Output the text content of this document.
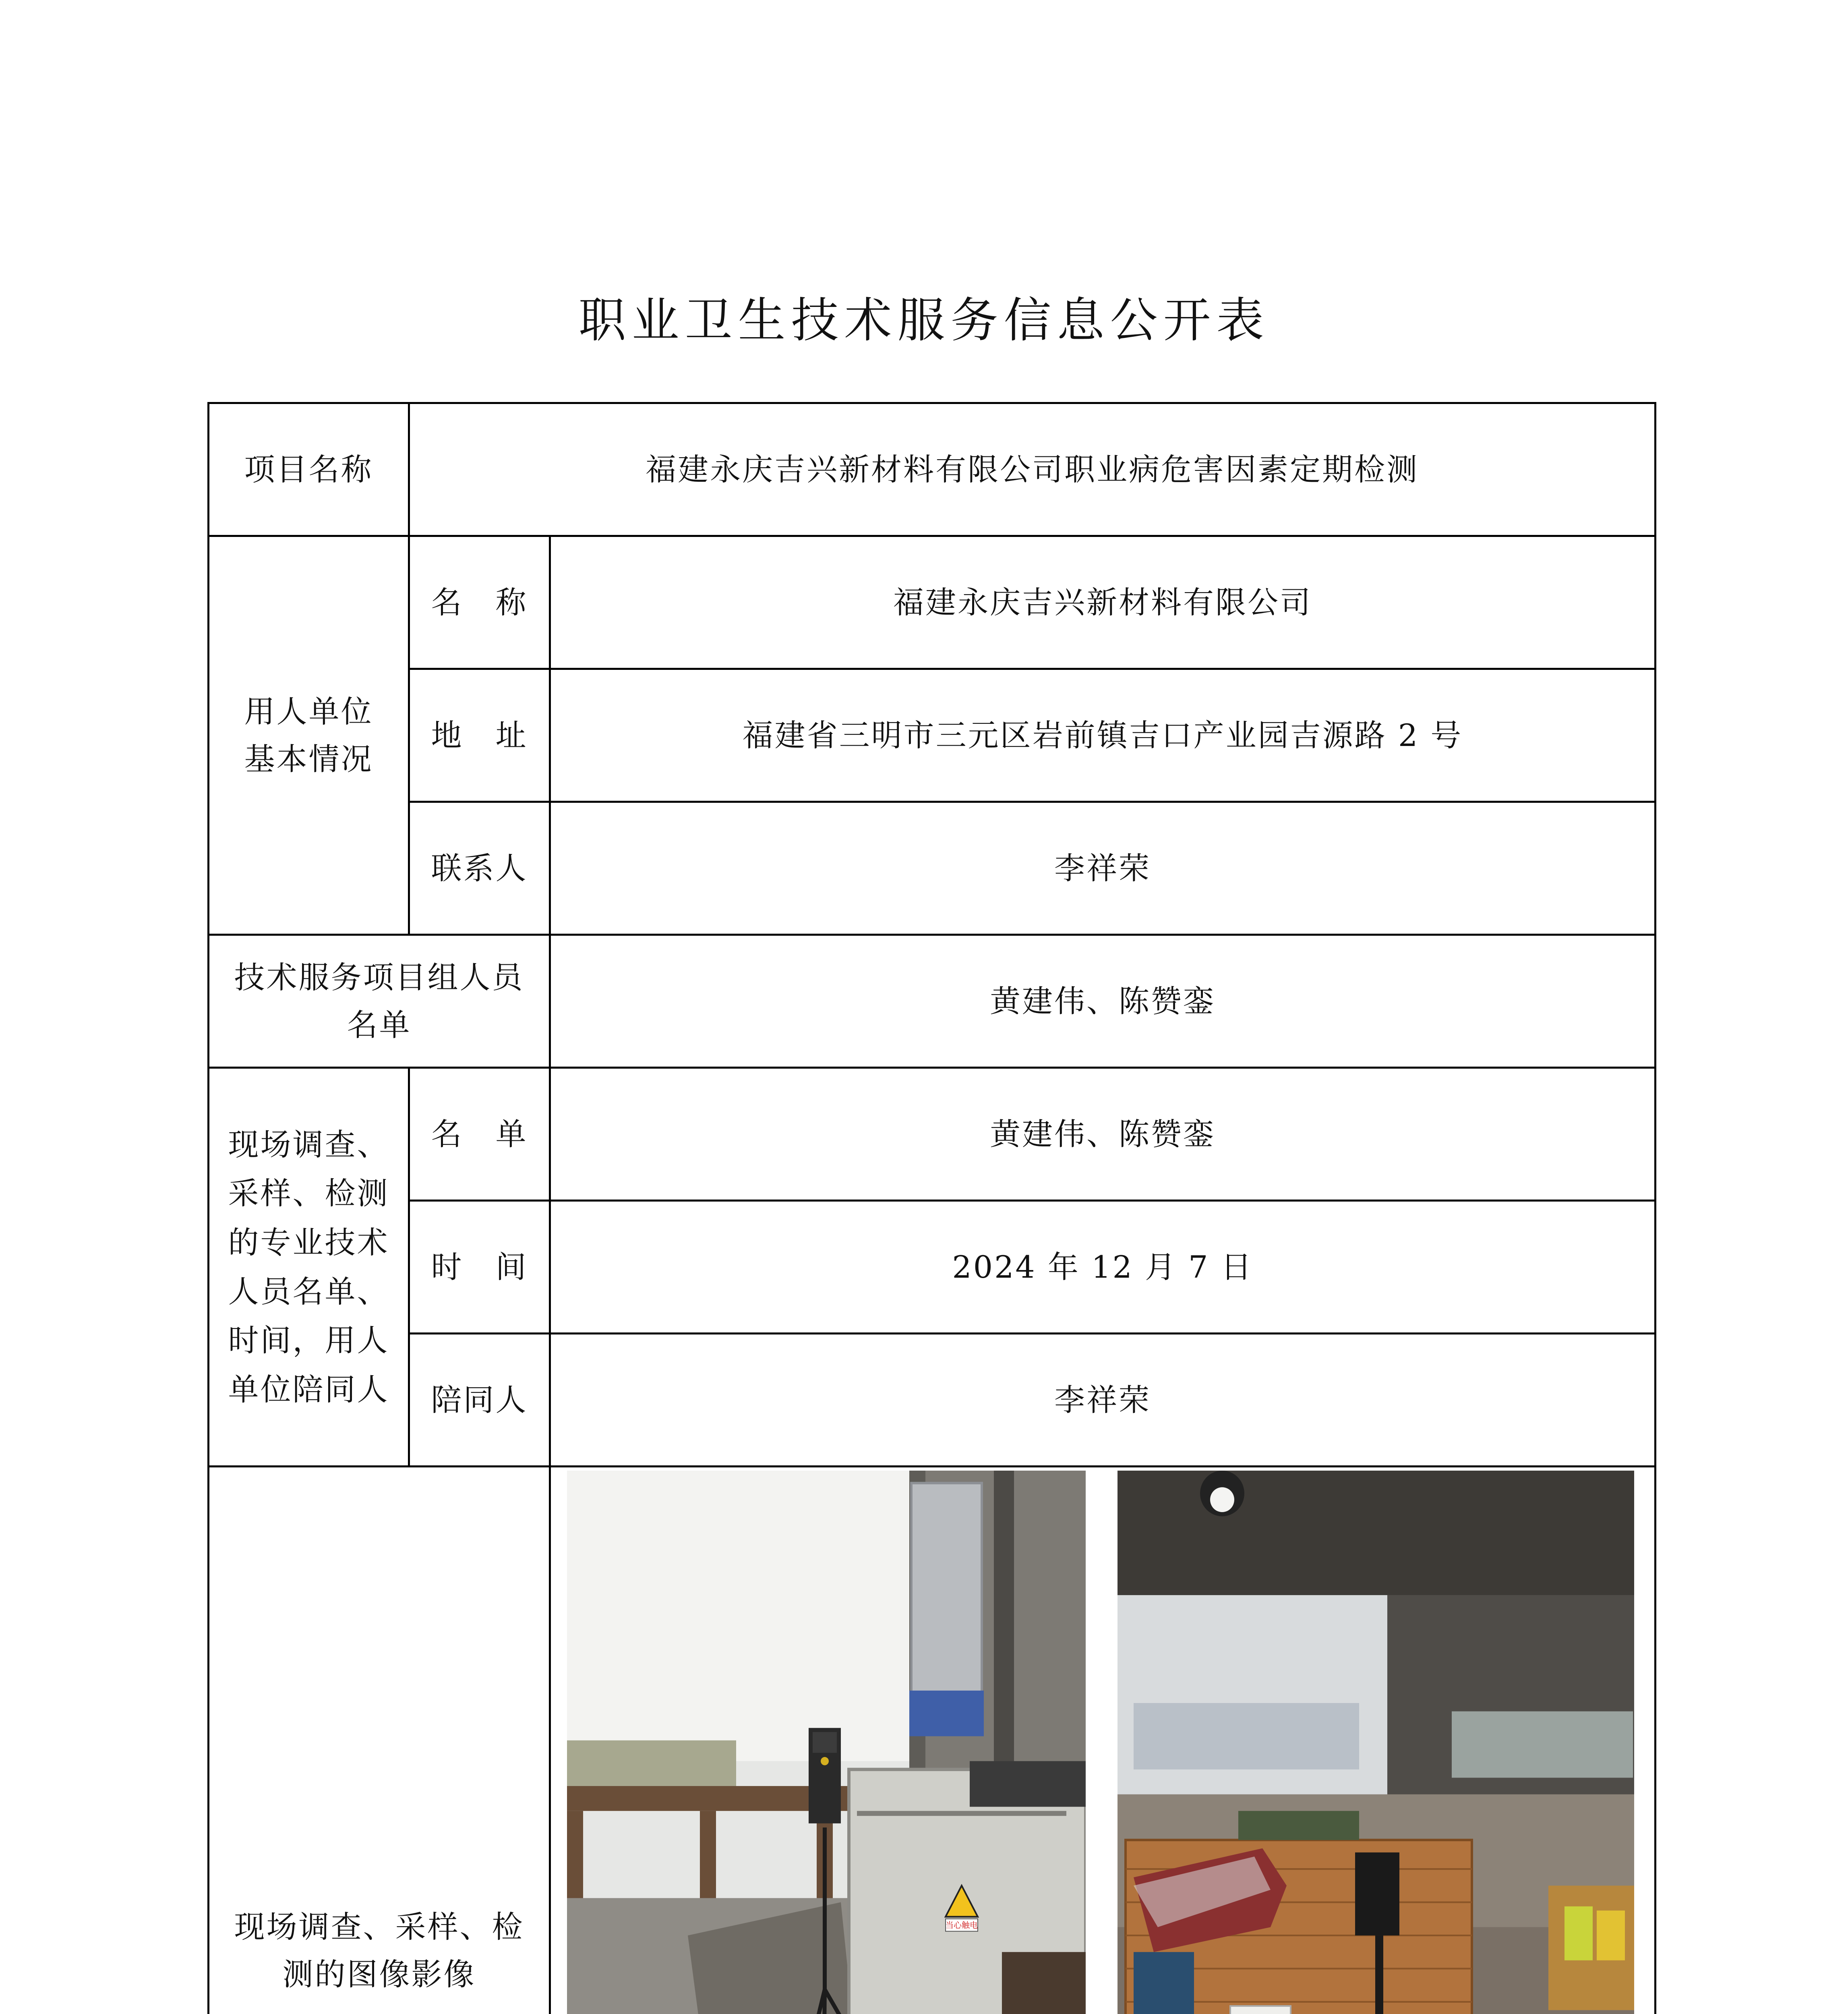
职业卫生技术服务信息公开表
项目名称	福建永庆吉兴新材料有限公司职业病危害因素定期检测	
用人单位基本情况	名　称	福建永庆吉兴新材料有限公司
	地　址	福建省三明市三元区岩前镇吉口产业园吉源路 2 号
	联系人	李祥荣
技术服务项目组人员名单		黄建伟、陈赞銮
现场调查、采样、检测的专业技术人员名单、时间，用人单位陪同人	名　单	黄建伟、陈赞銮
	时　间	2024 年 12 月 7 日
	陪同人	李祥荣
现场调查、采样、检测的图像影像		当心触电
